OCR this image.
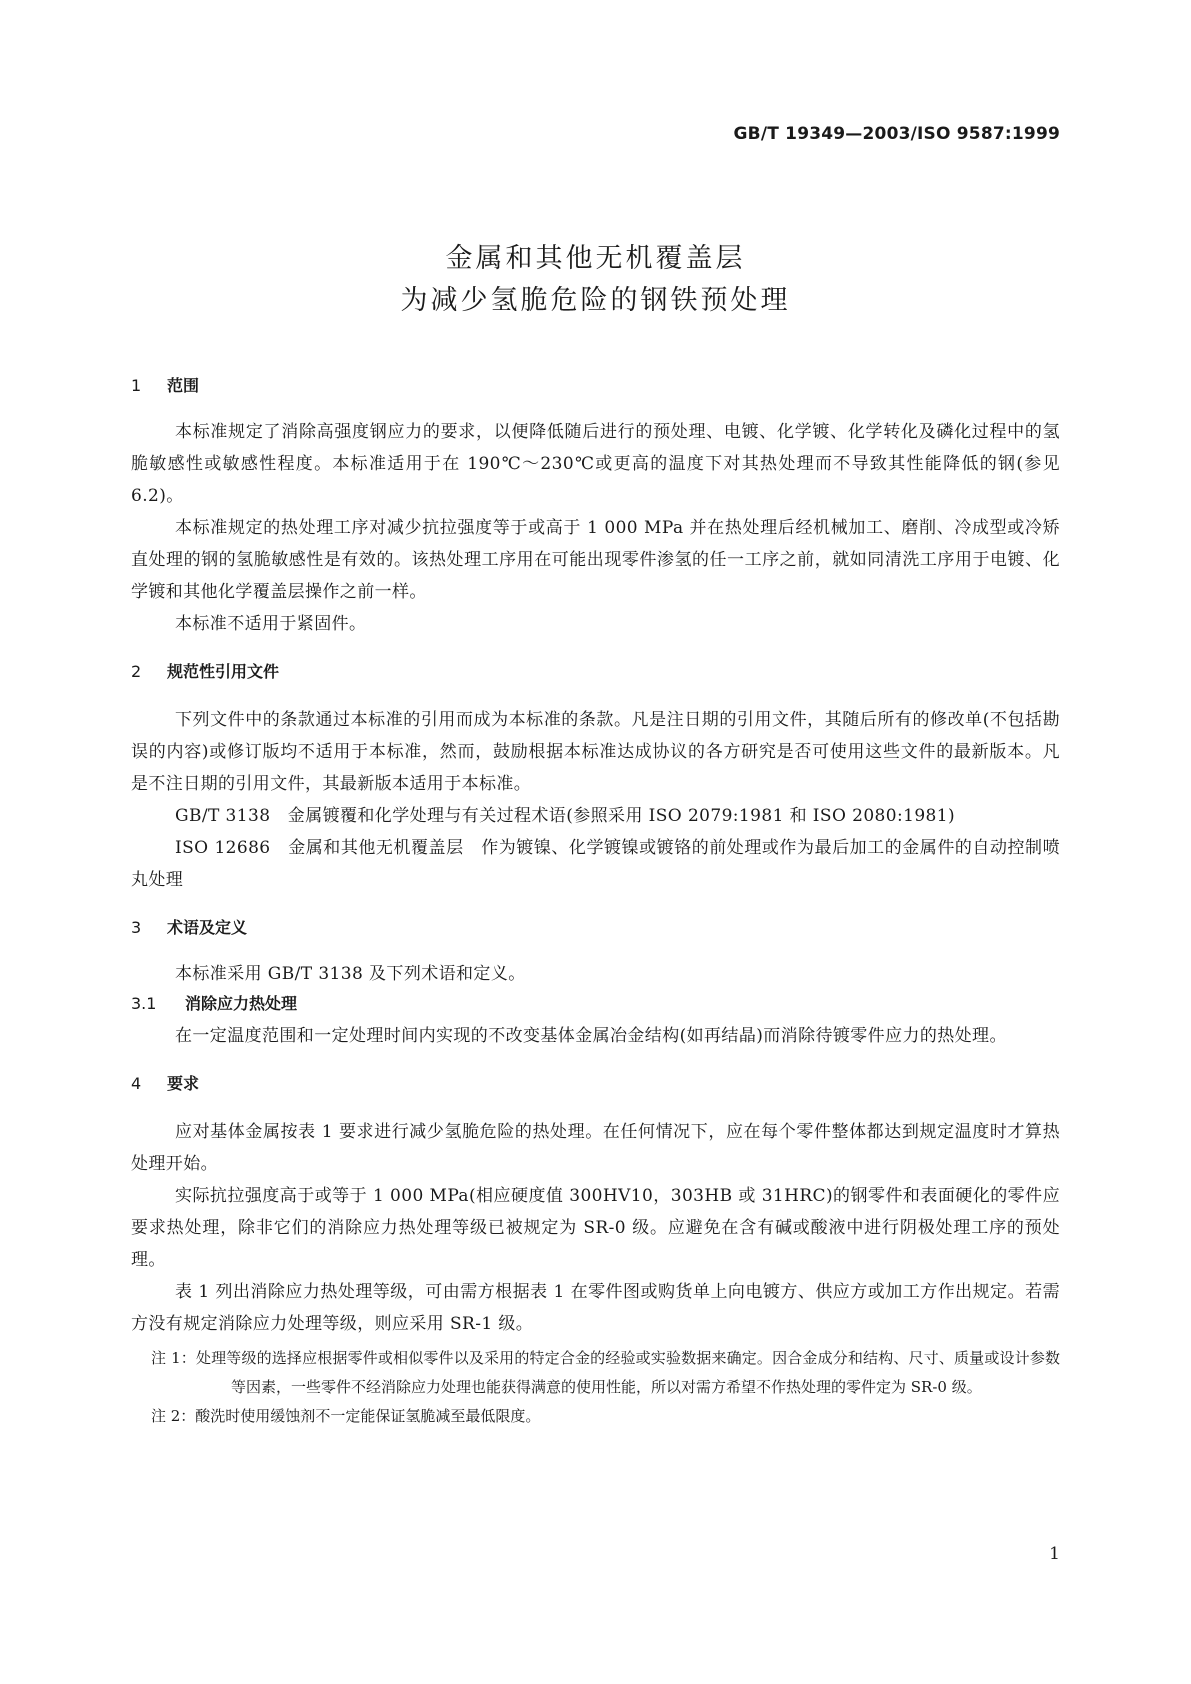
GB/T 19349—2003/ISO 9587:1999
金属和其他无机覆盖层
为减少氢脆危险的钢铁预处理
1 范围
本标准规定了消除高强度钢应力的要求，以便降低随后进行的预处理、电镀、化学镀、化学转化及磷化过程中的氢脆敏感性或敏感性程度。本标准适用于在 190℃～230℃或更高的温度下对其热处理而不导致其性能降低的钢(参见 6.2)。
本标准规定的热处理工序对减少抗拉强度等于或高于 1 000 MPa 并在热处理后经机械加工、磨削、冷成型或冷矫直处理的钢的氢脆敏感性是有效的。该热处理工序用在可能出现零件渗氢的任一工序之前，就如同清洗工序用于电镀、化学镀和其他化学覆盖层操作之前一样。
本标准不适用于紧固件。
2 规范性引用文件
下列文件中的条款通过本标准的引用而成为本标准的条款。凡是注日期的引用文件，其随后所有的修改单(不包括勘误的内容)或修订版均不适用于本标准，然而，鼓励根据本标准达成协议的各方研究是否可使用这些文件的最新版本。凡是不注日期的引用文件，其最新版本适用于本标准。
GB/T 3138　金属镀覆和化学处理与有关过程术语(参照采用 ISO 2079:1981 和 ISO 2080:1981)
ISO 12686　金属和其他无机覆盖层　作为镀镍、化学镀镍或镀铬的前处理或作为最后加工的金属件的自动控制喷丸处理
3 术语及定义
本标准采用 GB/T 3138 及下列术语和定义。
3.1 消除应力热处理
在一定温度范围和一定处理时间内实现的不改变基体金属冶金结构(如再结晶)而消除待镀零件应力的热处理。
4 要求
应对基体金属按表 1 要求进行减少氢脆危险的热处理。在任何情况下，应在每个零件整体都达到规定温度时才算热处理开始。
实际抗拉强度高于或等于 1 000 MPa(相应硬度值 300HV10，303HB 或 31HRC)的钢零件和表面硬化的零件应要求热处理，除非它们的消除应力热处理等级已被规定为 SR-0 级。应避免在含有碱或酸液中进行阴极处理工序的预处理。
表 1 列出消除应力热处理等级，可由需方根据表 1 在零件图或购货单上向电镀方、供应方或加工方作出规定。若需方没有规定消除应力处理等级，则应采用 SR-1 级。
注 1：处理等级的选择应根据零件或相似零件以及采用的特定合金的经验或实验数据来确定。因合金成分和结构、尺寸、质量或设计参数等因素，一些零件不经消除应力处理也能获得满意的使用性能，所以对需方希望不作热处理的零件定为 SR-0 级。
注 2：酸洗时使用缓蚀剂不一定能保证氢脆减至最低限度。
1
